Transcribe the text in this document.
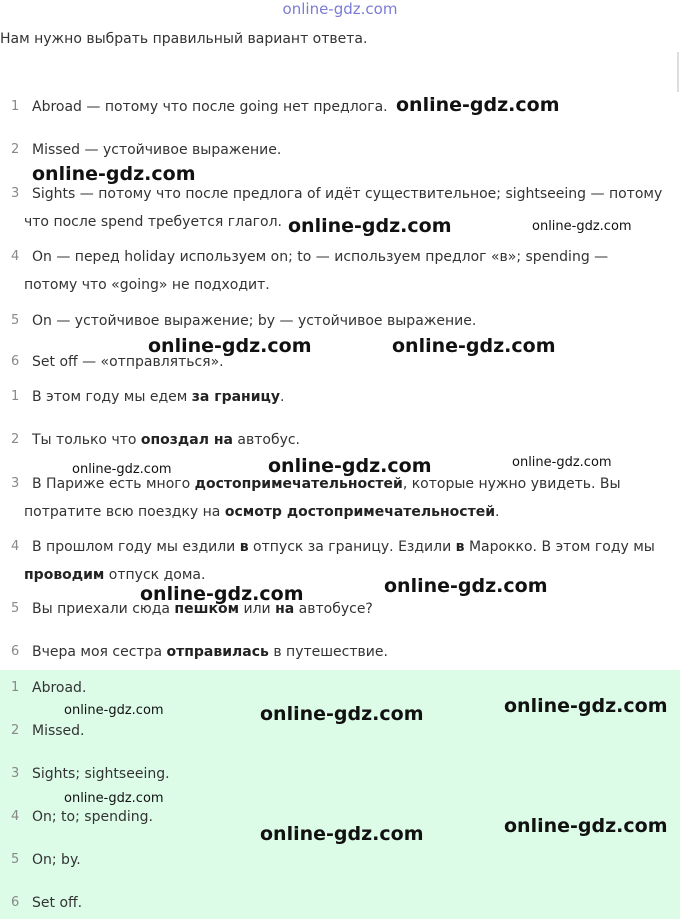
online-gdz.com
Нам нужно выбрать правильный вариант ответа.
1 Abroad — потому что после going нет предлога.
2 Missed — устойчивое выражение.
3 Sights — потому что после предлога of идёт существительное; sightseeing — потому
что после spend требуется глагол.
4 On — перед holiday используем on; to — используем предлог «в»; spending —
потому что «going» не подходит.
5 On — устойчивое выражение; by — устойчивое выражение.
6 Set off — «отправляться».
1 В этом году мы едем за границу.
2 Ты только что опоздал на автобус.
3 В Париже есть много достопримечательностей, которые нужно увидеть. Вы
потратите всю поездку на осмотр достопримечательностей.
4 В прошлом году мы ездили в отпуск за границу. Ездили в Марокко. В этом году мы
проводим отпуск дома.
5 Вы приехали сюда пешком или на автобусе?
6 Вчера моя сестра отправилась в путешествие.
1 Abroad.
2 Missed.
3 Sights; sightseeing.
4 On; to; spending.
5 On; by.
6 Set off.
online-gdz.com
online-gdz.com
online-gdz.com	online-gdz.com
online-gdz.com	online-gdz.com
online-gdz.com	online-gdz.com	online-gdz.com
online-gdz.com	online-gdz.com
online-gdz.com	online-gdz.com	online-gdz.com
online-gdz.com
online-gdz.com	online-gdz.com
